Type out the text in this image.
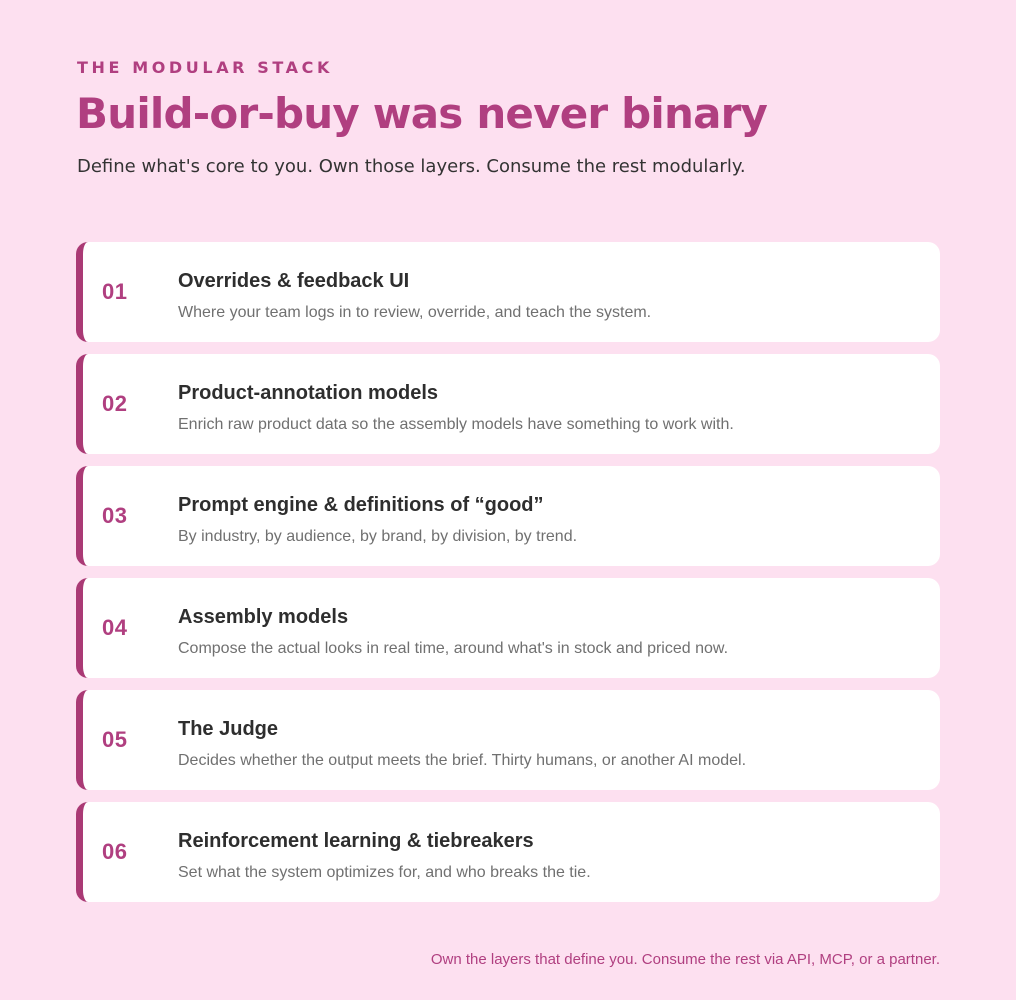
THE MODULAR STACK
Build-or-buy was never binary
Define what's core to you. Own those layers. Consume the rest modularly.
01	Overrides & feedback UI
Where your team logs in to review, override, and teach the system.
02	Product-annotation models
Enrich raw product data so the assembly models have something to work with.
03	Prompt engine & definitions of “good”
By industry, by audience, by brand, by division, by trend.
04	Assembly models
Compose the actual looks in real time, around what's in stock and priced now.
05	The Judge
Decides whether the output meets the brief. Thirty humans, or another AI model.
06	Reinforcement learning & tiebreakers
Set what the system optimizes for, and who breaks the tie.
Own the layers that define you. Consume the rest via API, MCP, or a partner.
